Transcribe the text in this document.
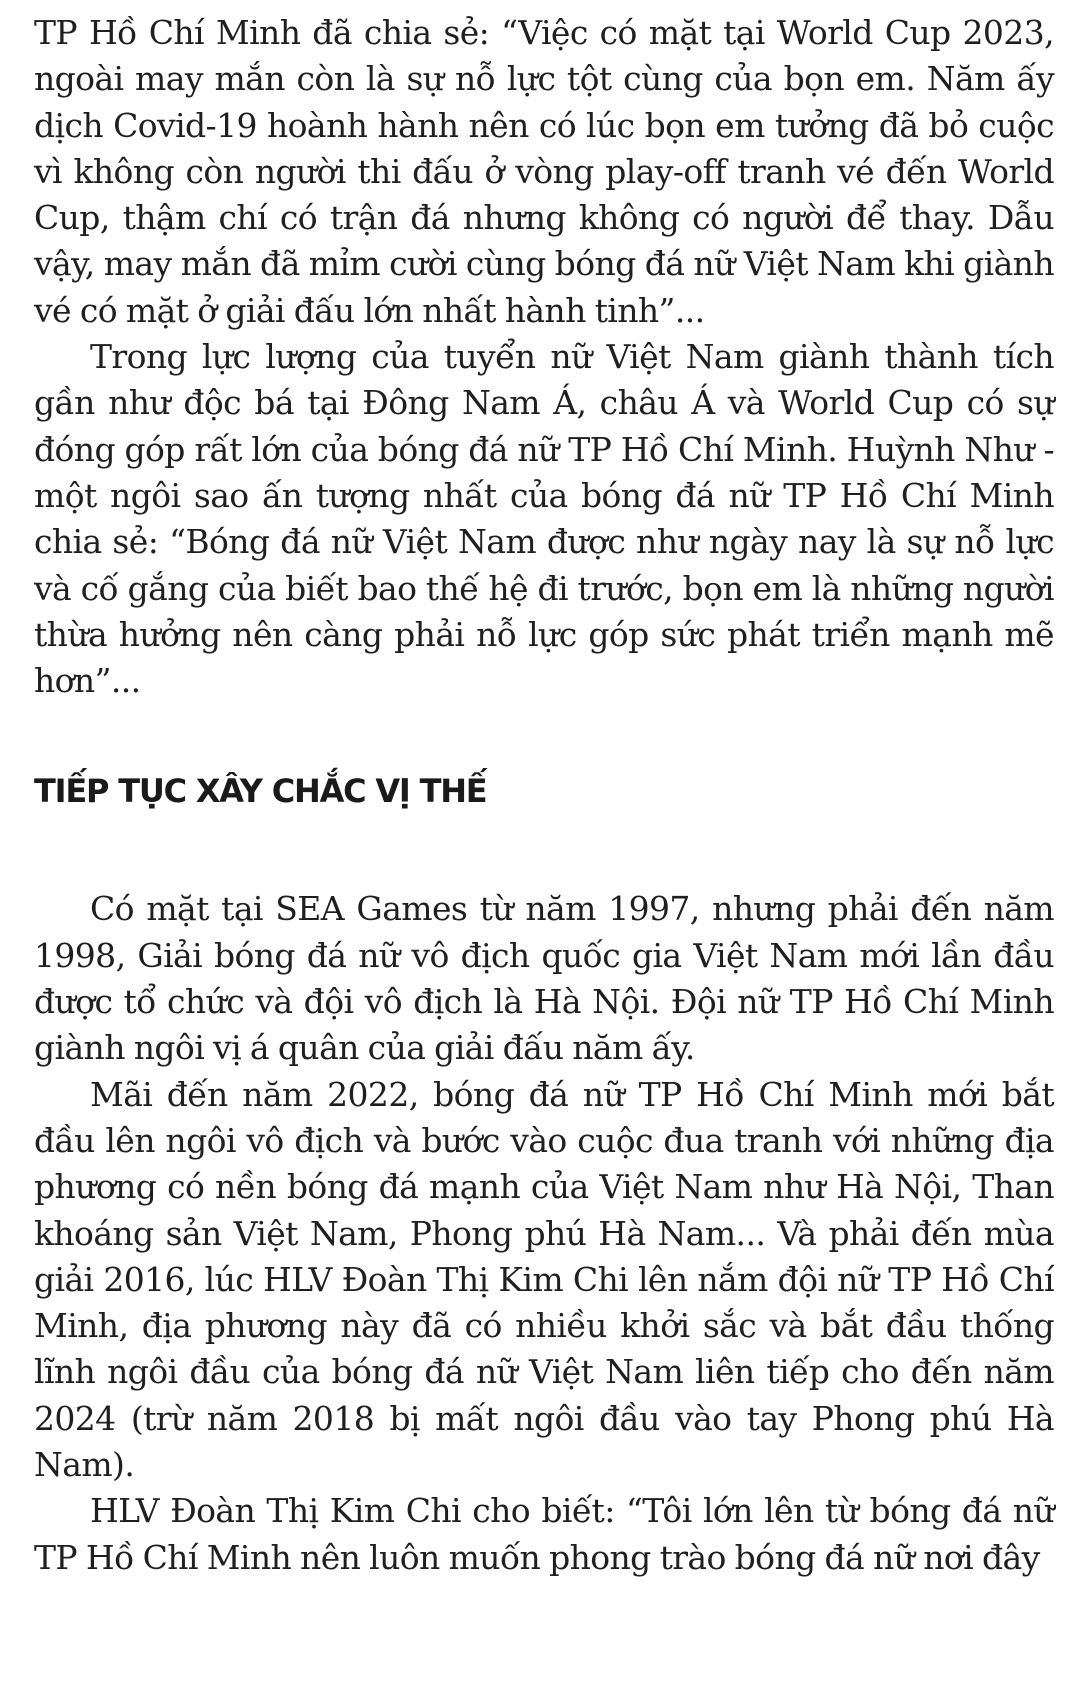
TP Hồ Chí Minh đã chia sẻ: “Việc có mặt tại World Cup 2023, ngoài may mắn còn là sự nỗ lực tột cùng của bọn em. Năm ấy dịch Covid-19 hoành hành nên có lúc bọn em tưởng đã bỏ cuộc vì không còn người thi đấu ở vòng play-off tranh vé đến World Cup, thậm chí có trận đá nhưng không có người để thay. Dẫu vậy, may mắn đã mỉm cười cùng bóng đá nữ Việt Nam khi giành vé có mặt ở giải đấu lớn nhất hành tinh”...

Trong lực lượng của tuyển nữ Việt Nam giành thành tích gần như độc bá tại Đông Nam Á, châu Á và World Cup có sự đóng góp rất lớn của bóng đá nữ TP Hồ Chí Minh. Huỳnh Như - một ngôi sao ấn tượng nhất của bóng đá nữ TP Hồ Chí Minh chia sẻ: “Bóng đá nữ Việt Nam được như ngày nay là sự nỗ lực và cố gắng của biết bao thế hệ đi trước, bọn em là những người thừa hưởng nên càng phải nỗ lực góp sức phát triển mạnh mẽ hơn”...

TIẾP TỤC XÂY CHẮC VỊ THẾ

Có mặt tại SEA Games từ năm 1997, nhưng phải đến năm 1998, Giải bóng đá nữ vô địch quốc gia Việt Nam mới lần đầu được tổ chức và đội vô địch là Hà Nội. Đội nữ TP Hồ Chí Minh giành ngôi vị á quân của giải đấu năm ấy.

Mãi đến năm 2022, bóng đá nữ TP Hồ Chí Minh mới bắt đầu lên ngôi vô địch và bước vào cuộc đua tranh với những địa phương có nền bóng đá mạnh của Việt Nam như Hà Nội, Than khoáng sản Việt Nam, Phong phú Hà Nam... Và phải đến mùa giải 2016, lúc HLV Đoàn Thị Kim Chi lên nắm đội nữ TP Hồ Chí Minh, địa phương này đã có nhiều khởi sắc và bắt đầu thống lĩnh ngôi đầu của bóng đá nữ Việt Nam liên tiếp cho đến năm 2024 (trừ năm 2018 bị mất ngôi đầu vào tay Phong phú Hà Nam).

HLV Đoàn Thị Kim Chi cho biết: “Tôi lớn lên từ bóng đá nữ TP Hồ Chí Minh nên luôn muốn phong trào bóng đá nữ nơi đây
